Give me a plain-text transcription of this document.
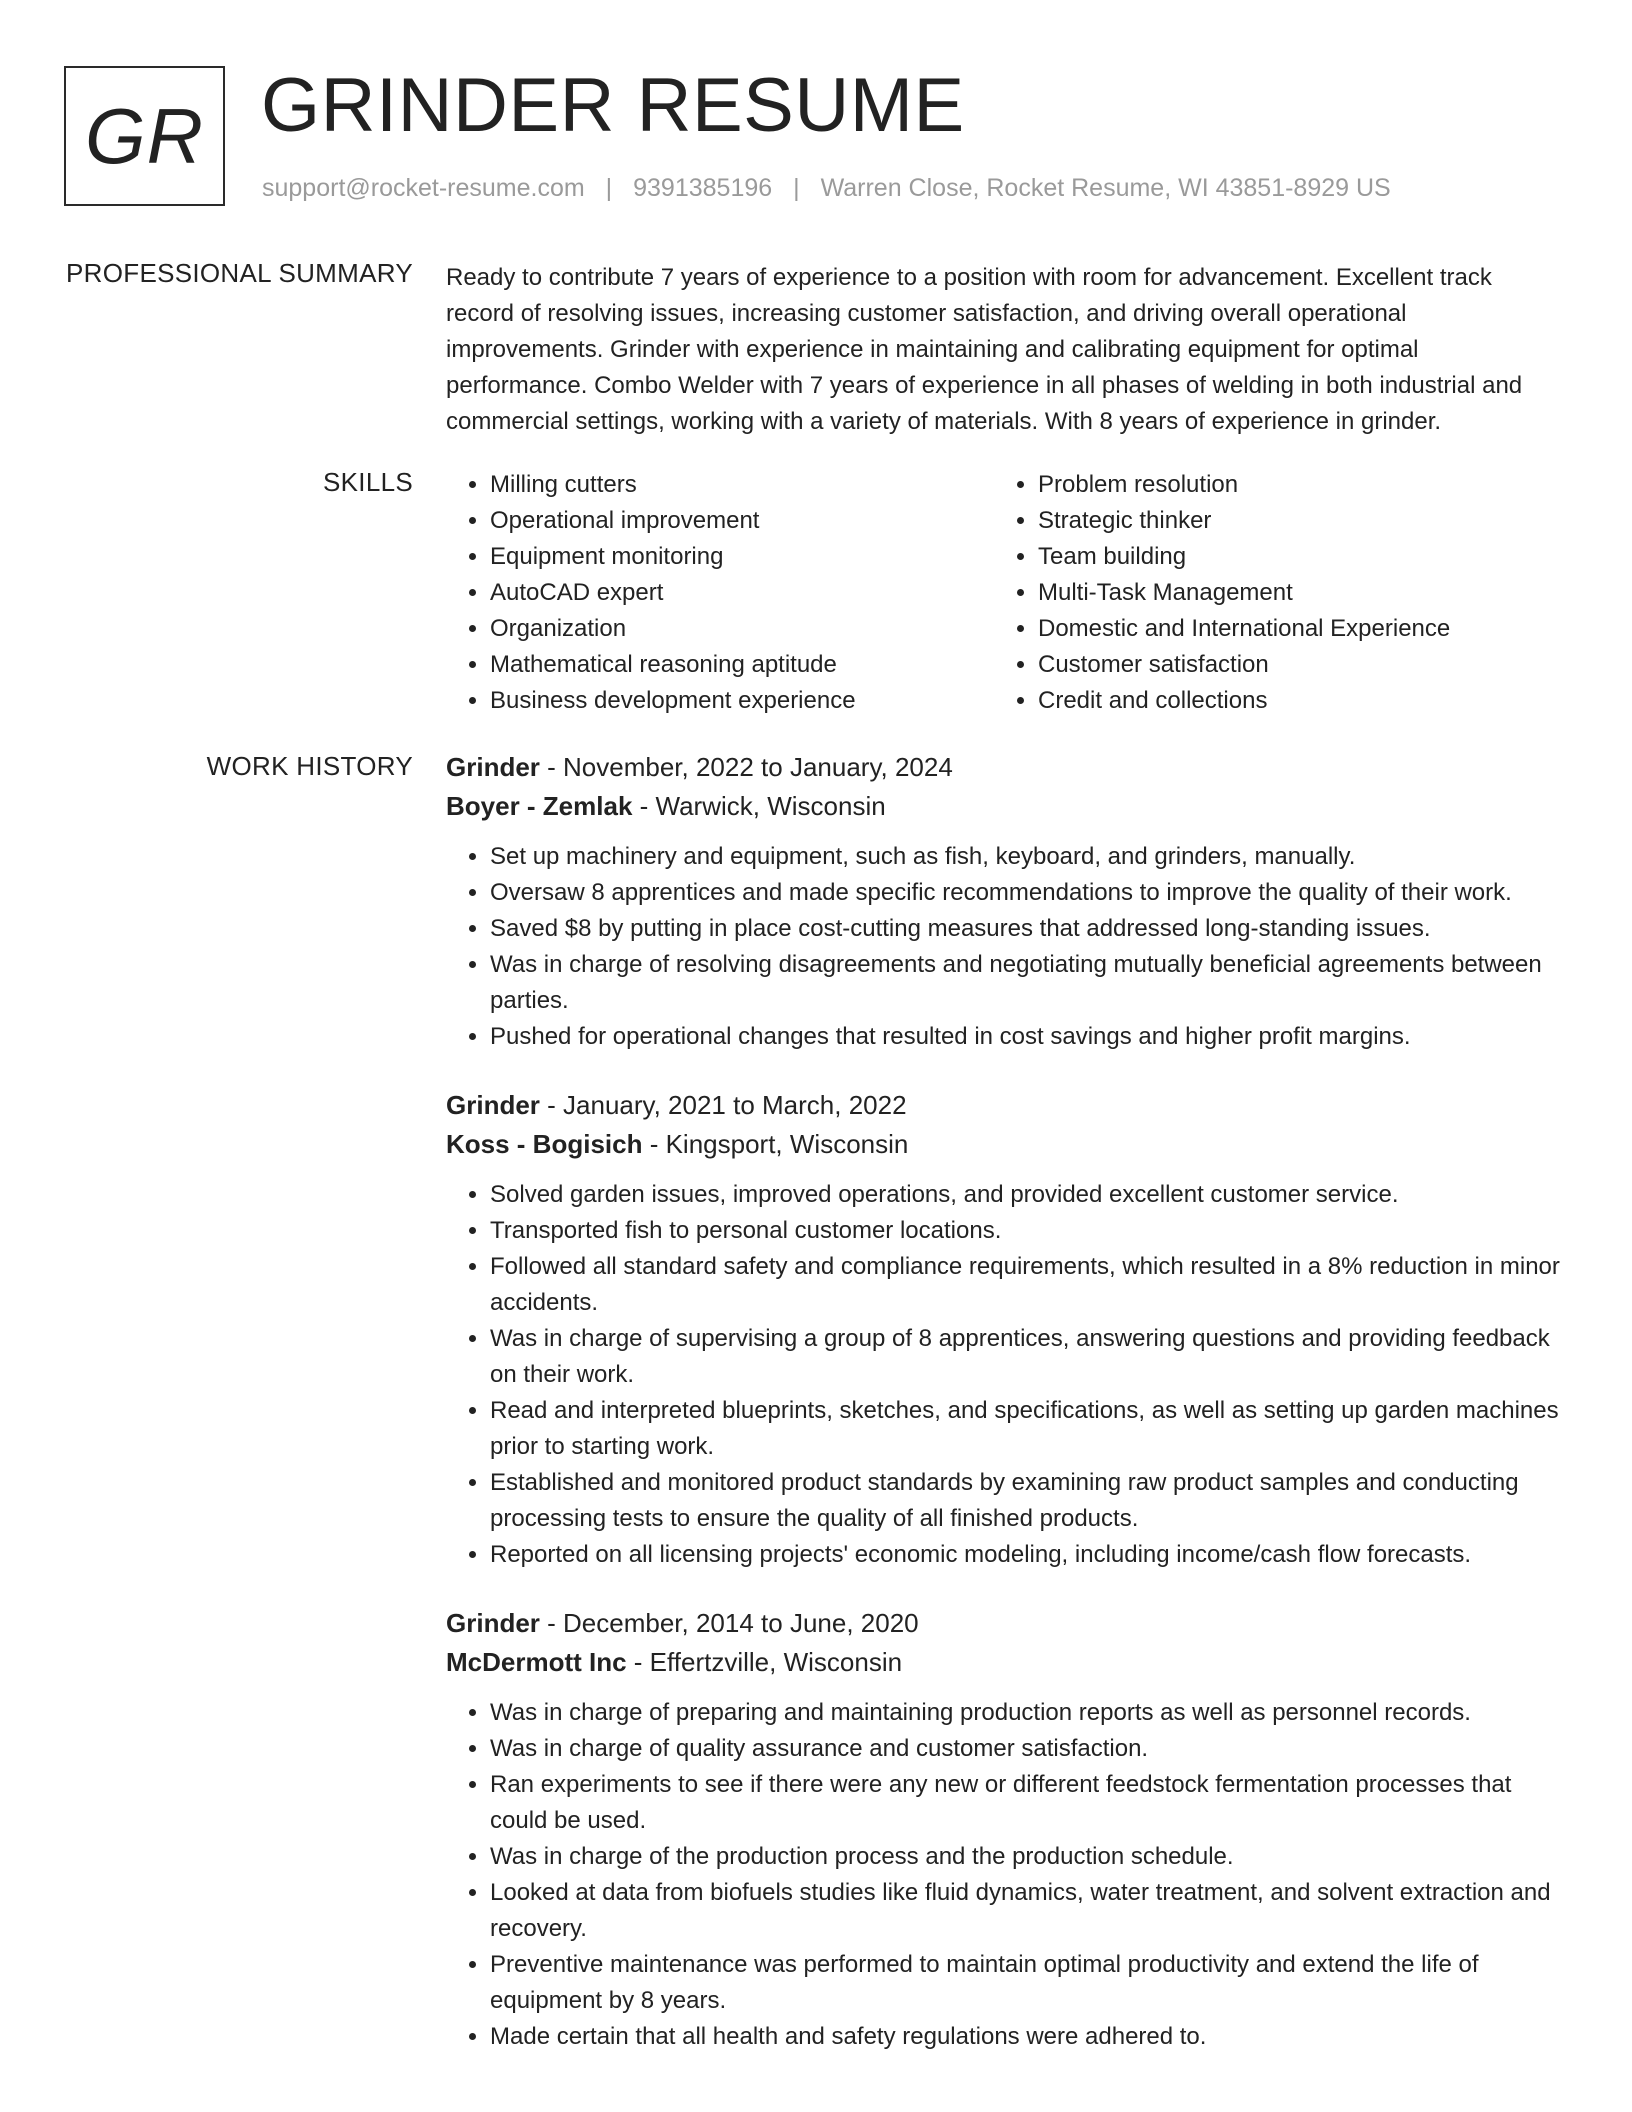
GR GRINDER RESUME
support@rocket-resume.com | 9391385196 | Warren Close, Rocket Resume, WI 43851-8929 US
PROFESSIONAL SUMMARY Ready to contribute 7 years of experience to a position with room for advancement. Excellent track record of resolving issues, increasing customer satisfaction, and driving overall operational improvements. Grinder with experience in maintaining and calibrating equipment for optimal performance. Combo Welder with 7 years of experience in all phases of welding in both industrial and commercial settings, working with a variety of materials. With 8 years of experience in grinder.

SKILLS
•	Milling cutters
• Operational improvement
• Equipment monitoring
• AutoCAD expert
• Organization
• Mathematical reasoning aptitude
• Business development experience
• Problem resolution
• Strategic thinker
• Team building
• Multi-Task Management
• Domestic and International Experience
• Customer satisfaction
• Credit and collections
WORK HISTORY Grinder - November, 2022 to January, 2024
Boyer - Zemlak - Warwick, Wisconsin
• Set up machinery and equipment, such as fish, keyboard, and grinders, manually.
• Oversaw 8 apprentices and made specific recommendations to improve the quality of their work.
• Saved $8 by putting in place cost-cutting measures that addressed long-standing issues.
• Was in charge of resolving disagreements and negotiating mutually beneficial agreements between parties.
• Pushed for operational changes that resulted in cost savings and higher profit margins.
Grinder - January, 2021 to March, 2022
Koss - Bogisich - Kingsport, Wisconsin
• Solved garden issues, improved operations, and provided excellent customer service.
• Transported fish to personal customer locations.
• Followed all standard safety and compliance requirements, which resulted in a 8% reduction in minor accidents.
• Was in charge of supervising a group of 8 apprentices, answering questions and providing feedback on their work.
• Read and interpreted blueprints, sketches, and specifications, as well as setting up garden machines prior to starting work.
• Established and monitored product standards by examining raw product samples and conducting processing tests to ensure the quality of all finished products.
• Reported on all licensing projects' economic modeling, including income/cash flow forecasts.
Grinder - December, 2014 to June, 2020
McDermott Inc - Effertzville, Wisconsin
• Was in charge of preparing and maintaining production reports as well as personnel records.
• Was in charge of quality assurance and customer satisfaction.
• Ran experiments to see if there were any new or different feedstock fermentation processes that could be used.
• Was in charge of the production process and the production schedule.
• Looked at data from biofuels studies like fluid dynamics, water treatment, and solvent extraction and recovery.
• Preventive maintenance was performed to maintain optimal productivity and extend the life of equipment by 8 years.
• Made certain that all health and safety regulations were adhered to.
